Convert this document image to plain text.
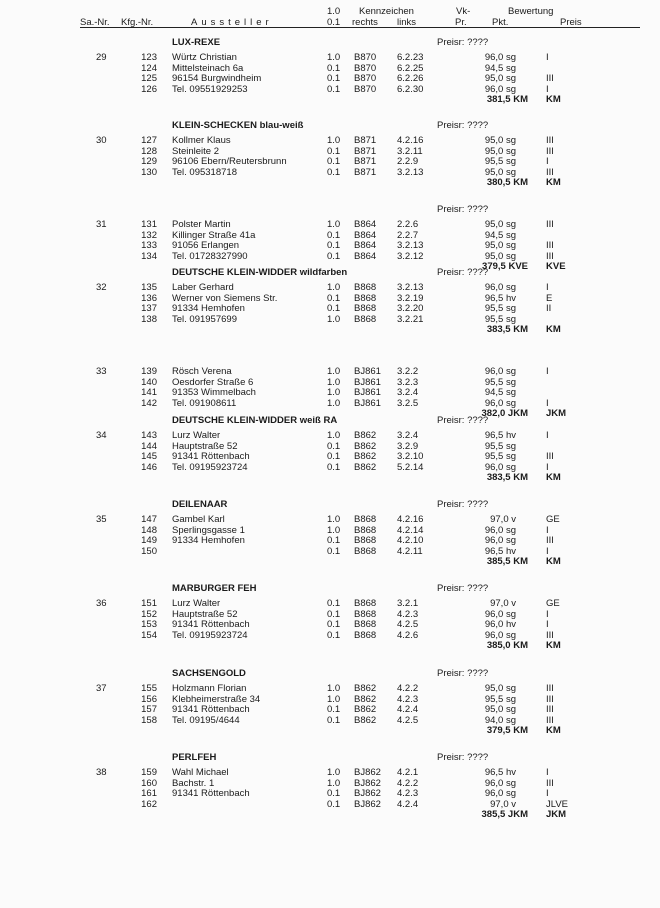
Sa.-Nr. Kfg.-Nr.	Aussteller
1.0
0.1
Kennzeichen
rechts links
Vk-
Pr.
Bewertung
Pkt.	Preis
LUX-REXE	Preisr: ????
29	123 Würtz Christian	1.0 B870 6.2.23	96,0 sg	I
124 Mittelsteinach 6a	0.1 B870 6.2.25	94,5 sg
125 96154 Burgwindheim	0.1 B870 6.2.26	95,0 sg	III
126 Tel. 09551929253	0.1 B870 6.2.30	96,0 sg	I
381,5 KM KM
KLEIN-SCHECKEN blau-weiß	Preisr: ????
30	127 Kollmer Klaus	1.0 B871 4.2.16	95,0 sg	III
128 Steinleite 2	0.1 B871 3.2.11	95,0 sg	III
129 96106 Ebern/Reutersbrunn	0.1 B871 2.2.9	95,5 sg	I
130 Tel. 095318718	0.1 B871 3.2.13	95,0 sg	III
380,5 KM KM
Preisr: ????
31	131 Polster Martin	1.0 B864 2.2.6	95,0 sg	III
132 Killinger Straße 41a	0.1 B864 2.2.7	94,5 sg
133 91056 Erlangen	0.1 B864 3.2.13	95,0 sg	III
134 Tel. 01728327990	0.1 B864 3.2.12	95,0 sg	III
379,5 KVE KVE
DEUTSCHE KLEIN-WIDDER wildfarben	Preisr: ????
32	135 Laber Gerhard	1.0 B868 3.2.13	96,0 sg	I
136 Werner von Siemens Str.	0.1 B868 3.2.19	96,5 hv	E
137 91334 Hemhofen	0.1 B868 3.2.20	95,5 sg	II
138 Tel. 091957699	1.0 B868 3.2.21	95,5 sg
383,5 KM KM
33	139 Rösch Verena	1.0 BJ861 3.2.2	96,0 sg	I
140 Oesdorfer Straße 6	1.0 BJ861 3.2.3	95,5 sg
141 91353 Wimmelbach	1.0 BJ861 3.2.4	94,5 sg
142 Tel. 091908611	1.0 BJ861 3.2.5	96,0 sg	I
382,0 JKM JKM
DEUTSCHE KLEIN-WIDDER weiß RA	Preisr: ????
34	143 Lurz Walter	1.0 B862 3.2.4	96,5 hv	I
144 Hauptstraße 52	0.1 B862 3.2.9	95,5 sg
145 91341 Röttenbach	0.1 B862 3.2.10	95,5 sg	III
146 Tel. 09195923724	0.1 B862 5.2.14	96,0 sg	I
383,5 KM KM
DEILENAAR	Preisr: ????
35	147 Gambel Karl	1.0 B868 4.2.16	97,0 v	GE
148 Sperlingsgasse 1	1.0 B868 4.2.14	96,0 sg	I
149 91334 Hemhofen	0.1 B868 4.2.10	96,0 sg	III
150	0.1 B868 4.2.11	96,5 hv	I
385,5 KM KM
MARBURGER FEH	Preisr: ????
36	151 Lurz Walter	0.1 B868 3.2.1	97,0 v	GE
152 Hauptstraße 52	0.1 B868 4.2.3	96,0 sg	I
153 91341 Röttenbach	0.1 B868 4.2.5	96,0 hv	I
154 Tel. 09195923724	0.1 B868 4.2.6	96,0 sg	III
385,0 KM KM
SACHSENGOLD	Preisr: ????
37	155 Holzmann Florian	1.0 B862 4.2.2	95,0 sg	III
156 Klebheimerstraße 34	1.0 B862 4.2.3	95,5 sg	III
157 91341 Röttenbach	0.1 B862 4.2.4	95,0 sg	III
158 Tel. 09195/4644	0.1 B862 4.2.5	94,0 sg	III
379,5 KM KM
PERLFEH	Preisr: ????
38	159 Wahl Michael	1.0 BJ862 4.2.1	96,5 hv	I
160 Bachstr. 1	1.0 BJ862 4.2.2	96,0 sg	III
161 91341 Röttenbach	0.1 BJ862 4.2.3	96,0 sg	I
162	0.1 BJ862 4.2.4	97,0 v	JLVE
385,5 JKM JKM
